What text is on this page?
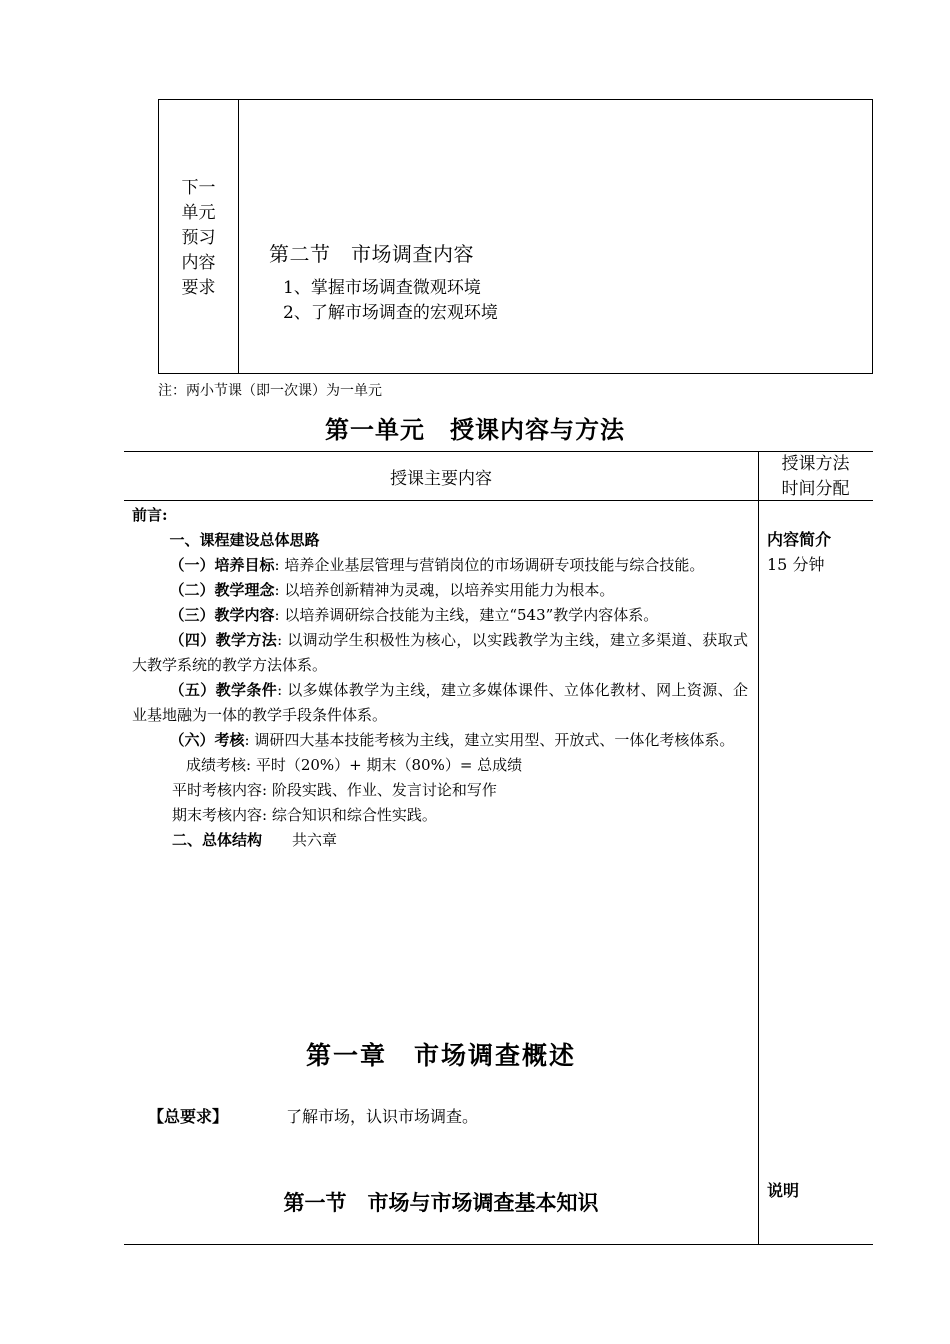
下一
单元
预习
内容
要求
第二节　市场调查内容
1、掌握市场调查微观环境
2、了解市场调查的宏观环境
注：两小节课（即一次课）为一单元
第一单元　授课内容与方法
授课主要内容
授课方法
时间分配

前言:

一、课程建设总体思路

（一）培养目标: 培养企业基层管理与营销岗位的市场调研专项技能与综合技能。

（二）教学理念: 以培养创新精神为灵魂，以培养实用能力为根本。

（三）教学内容: 以培养调研综合技能为主线，建立“543”教学内容体系。

（四）教学方法: 以调动学生积极性为核心，以实践教学为主线，建立多渠道、获取式大教学系统的教学方法体系。

（五）教学条件: 以多媒体教学为主线，建立多媒体课件、立体化教材、网上资源、企业基地融为一体的教学手段条件体系。

（六）考核: 调研四大基本技能考核为主线，建立实用型、开放式、一体化考核体系。

成绩考核: 平时（20%）+ 期末（80%）= 总成绩

平时考核内容: 阶段实践、作业、发言讨论和写作

期末考核内容: 综合知识和综合性实践。

二、总体结构 共六章

内容简介
15 分钟
说明
第一章　市场调查概述
【总要求】	了解市场，认识市场调查。
第一节　市场与市场调查基本知识
